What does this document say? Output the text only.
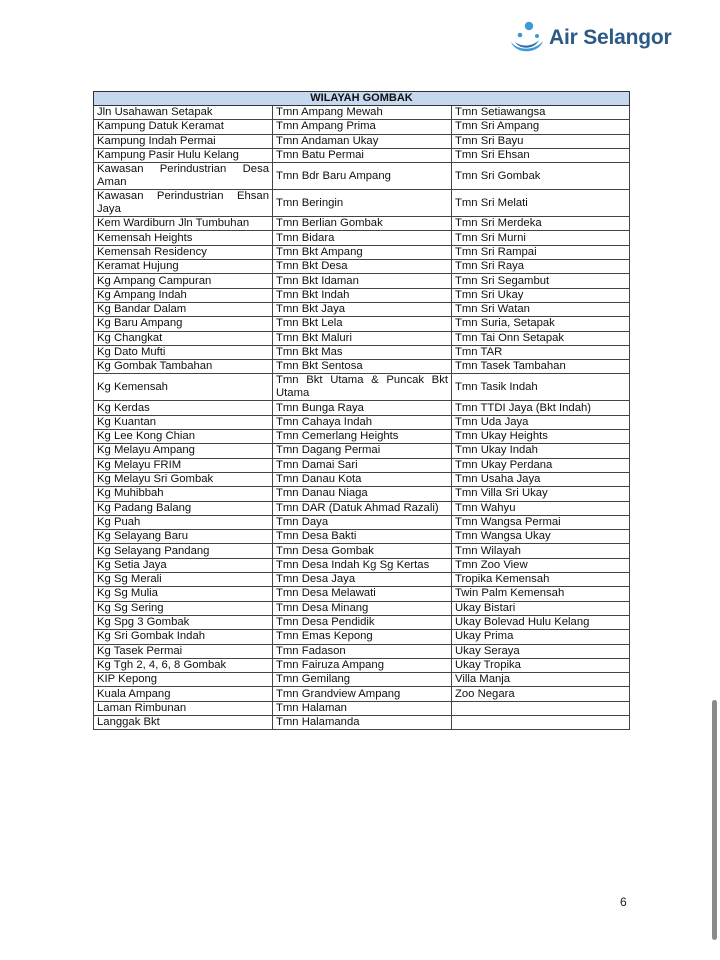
Air Selangor
WILAYAH GOMBAK		
Jln Usahawan Setapak	Tmn Ampang Mewah	Tmn Setiawangsa
Kampung Datuk Keramat	Tmn Ampang Prima	Tmn Sri Ampang
Kampung Indah Permai	Tmn Andaman Ukay	Tmn Sri Bayu
Kampung Pasir Hulu Kelang	Tmn Batu Permai	Tmn Sri Ehsan
Kawasan Perindustrian Desa Aman	Tmn Bdr Baru Ampang	Tmn Sri Gombak
Kawasan Perindustrian Ehsan Jaya	Tmn Beringin	Tmn Sri Melati
Kem Wardiburn Jln Tumbuhan	Tmn Berlian Gombak	Tmn Sri Merdeka
Kemensah Heights	Tmn Bidara	Tmn Sri Murni
Kemensah Residency	Tmn Bkt Ampang	Tmn Sri Rampai
Keramat Hujung	Tmn Bkt Desa	Tmn Sri Raya
Kg Ampang Campuran	Tmn Bkt Idaman	Tmn Sri Segambut
Kg Ampang Indah	Tmn Bkt Indah	Tmn Sri Ukay
Kg Bandar Dalam	Tmn Bkt Jaya	Tmn Sri Watan
Kg Baru Ampang	Tmn Bkt Lela	Tmn Suria, Setapak
Kg Changkat	Tmn Bkt Maluri	Tmn Tai Onn Setapak
Kg Dato Mufti	Tmn Bkt Mas	Tmn TAR
Kg Gombak Tambahan	Tmn Bkt Sentosa	Tmn Tasek Tambahan
Kg Kemensah	Tmn Bkt Utama & Puncak Bkt Utama	Tmn Tasik Indah
Kg Kerdas	Tmn Bunga Raya	Tmn TTDI Jaya (Bkt Indah)
Kg Kuantan	Tmn Cahaya Indah	Tmn Uda Jaya
Kg Lee Kong Chian	Tmn Cemerlang Heights	Tmn Ukay Heights
Kg Melayu Ampang	Tmn Dagang Permai	Tmn Ukay Indah
Kg Melayu FRIM	Tmn Damai Sari	Tmn Ukay Perdana
Kg Melayu Sri Gombak	Tmn Danau Kota	Tmn Usaha Jaya
Kg Muhibbah	Tmn Danau Niaga	Tmn Villa Sri Ukay
Kg Padang Balang	Tmn DAR (Datuk Ahmad Razali)	Tmn Wahyu
Kg Puah	Tmn Daya	Tmn Wangsa Permai
Kg Selayang Baru	Tmn Desa Bakti	Tmn Wangsa Ukay
Kg Selayang Pandang	Tmn Desa Gombak	Tmn Wilayah
Kg Setia Jaya	Tmn Desa Indah Kg Sg Kertas	Tmn Zoo View
Kg Sg Merali	Tmn Desa Jaya	Tropika Kemensah
Kg Sg Mulia	Tmn Desa Melawati	Twin Palm Kemensah
Kg Sg Sering	Tmn Desa Minang	Ukay Bistari
Kg Spg 3 Gombak	Tmn Desa Pendidik	Ukay Bolevad Hulu Kelang
Kg Sri Gombak Indah	Tmn Emas Kepong	Ukay Prima
Kg Tasek Permai	Tmn Fadason	Ukay Seraya
Kg Tgh 2, 4, 6, 8 Gombak	Tmn Fairuza Ampang	Ukay Tropika
KIP Kepong	Tmn Gemilang	Villa Manja
Kuala Ampang	Tmn Grandview Ampang	Zoo Negara
Laman Rimbunan	Tmn Halaman	
Langgak Bkt	Tmn Halamanda	
6
